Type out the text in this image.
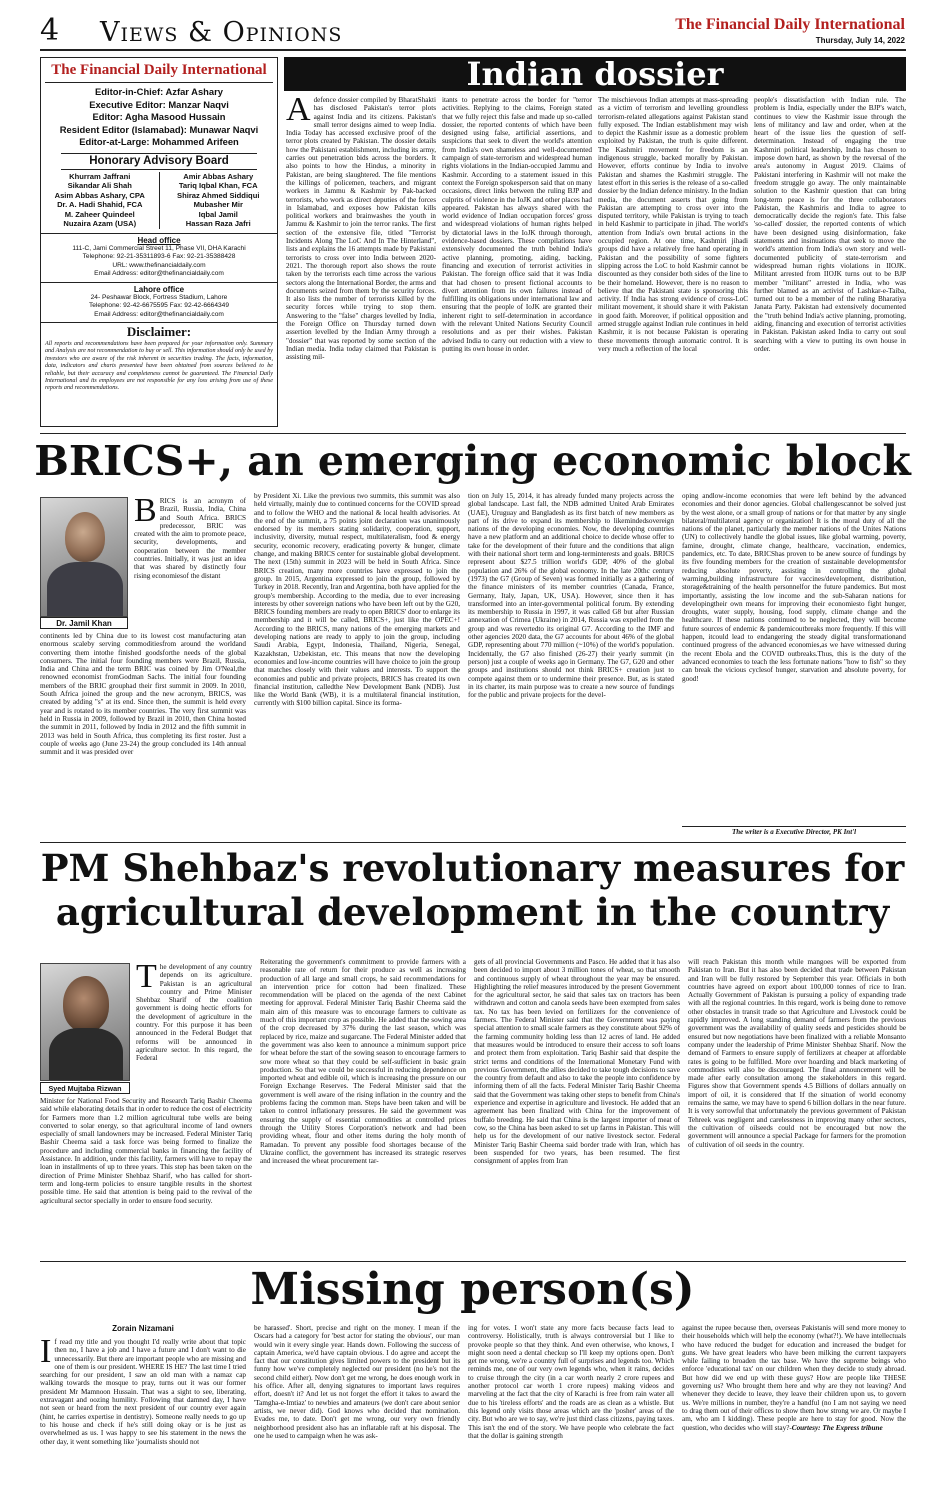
4 Views & Opinions	The Financial Daily International
Thursday, July 14, 2022
The Financial Daily International
Editor-in-Chief: Azfar Ashary
Executive Editor: Manzar Naqvi
Editor: Agha Masood Hussain
Resident Editor (Islamabad): Munawar Naqvi
Editor-at-Large: Mohammed Arifeen
Honorary Advisory Board
Khurram Jaffrani
Sikandar Ali Shah
Asim Abbas Ashary, CPA
Dr. A. Hadi Shahid, FCA
M. Zaheer Quindeel
Nuzaira Azam (USA)
Amir Abbas Ashary
Tariq Iqbal Khan, FCA
Shiraz Ahmed Siddiqui
Mubasher Mir
Iqbal Jamil
Hassan Raza Jafri
Head office
111-C, Jami Commercial Street 11, Phase VII, DHA Karachi
Telephone: 92-21-35311893-6 Fax: 92-21-35388428
URL: www.thefinancialdaily.com
Email Address: editor@thefinancialdaily.com
Lahore office
24- Peshawar Block, Fortress Stadium, Lahore
Telephone: 92-42-6675595 Fax: 92-42-6664349
Email Address: editor@thefinancialdaily.com
Disclaimer:
All reports and recommendations have been prepared for your information only. Summary and Analysis are not recommendation to buy or sell. This information should only be used by investors who are aware of the risk inherent in securities trading. The facts, information, data, indicators and charts presented have been obtained from sources believed to be reliable, but their accuracy and completeness cannot be guaranteed. The Financial Daily International and its employees are not responsible for any loss arising from use of these reports and recommendations.
Indian dossier
A defence dossier compiled by BharatShakti has disclosed Pakistan's terror plots against India and its citizens. Pakistan's small terror designs aimed to weep India. India Today has accessed exclusive proof of the terror plots created by Pakistan. The dossier details how the Pakistani establishment, including its army, carries out penetration bids across the borders. It also points to how the Hindus, a minority in Pakistan, are being slaughtered. The file mentions the killings of policemen, teachers, and migrant workers in Jammu & Kashmir by Pak-backed terrorists, who work as direct deputies of the forces in Islamabad, and exposes how Pakistan kills political workers and brainwashes the youth in Jammu & Kashmir to join the terror ranks. The first section of the extensive file, titled "Terrorist Incidents Along The LoC And In The Hinterland", lists and explains the 16 attempts made by Pakistani terrorists to cross over into India between 2020-2021. The thorough report also shows the route taken by the terrorists each time across the various sectors along the International Border, the arms and documents seized from them by the security forces. It also lists the number of terrorists killed by the security forces while trying to stop them. Answering to the "false" charges levelled by India, the Foreign Office on Thursday turned down assertion levelled by the Indian Army through a "dossier" that was reported by some section of the Indian media. India today claimed that Pakistan is assisting mil-
itants to penetrate across the border for "terror activities. Replying to the claims, Foreign stated that we fully reject this false and made up so-called dossier, the reported contents of which have been designed using false, artificial assertions, and suspicions that seek to divert the world's attention from India's own shameless and well-documented campaign of state-terrorism and widespread human rights violations in the Indian-occupied Jammu and Kashmir. According to a statement issued in this context the Foreign spokesperson said that on many occasions, direct links between the ruling BJP and culprits of violence in the IoJK and other places had appeared. Pakistan has always shared with the world evidence of Indian occupation forces' gross and widespread violations of human rights helped by dictatorial laws in the IoJK through thorough, evidence-based dossiers. These compilations have extensively documented the truth behind India's active planning, promoting, aiding, backing, financing and execution of terrorist activities in Pakistan. The foreign office said that it was India that had chosen to present fictional accounts to divert attention from its own failures instead of fulfilling its obligations under international law and ensuring that the people of IoJK are granted their inherent right to self-determination in accordance with the relevant United Nations Security Council resolutions and as per their wishes. Pakistan advised India to carry out reduction with a view to putting its own house in order.
The mischievous Indian attempts at mass-spreading as a victim of terrorism and levelling groundless terrorism-related allegations against Pakistan stand fully exposed. The Indian establishment may wish to depict the Kashmir issue as a domestic problem exploited by Pakistan, the truth is quite different. The Kashmiri movement for freedom is an indigenous struggle, backed morally by Pakistan. However, efforts continue by India to involve Pakistan and shames the Kashmiri struggle. The latest effort in this series is the release of a so-called dossier by the Indian defence ministry. In the Indian media, the document asserts that going from Pakistan are attempting to cross over into the disputed territory, while Pakistan is trying to teach in held Kashmir to participate in jihad. The world's attention from India's own brutal actions in the occupied region. At one time, Kashmiri jihadi groups did have a relatively free hand operating in Pakistan and the possibility of some fighters slipping across the LoC to hold Kashmir cannot be discounted as they consider both sides of the line to be their homeland. However, there is no reason to believe that the Pakistani state is sponsoring this activity. If India has strong evidence of cross-LoC militant movement, it should share it with Pakistan in good faith. Moreover, if political opposition and armed struggle against Indian rule continues in held Kashmir, it is not because Pakistan is operating these movements through automatic control. It is very much a reflection of the local
people's dissatisfaction with Indian rule. The problem is India, especially under the BJP's watch, continues to view the Kashmir issue through the lens of militancy and law and order, when at the heart of the issue lies the question of self-determination. Instead of engaging the true Kashmiri political leadership, India has chosen to impose down hard, as shown by the reversal of the area's autonomy in August 2019. Claims of Pakistani interfering in Kashmir will not make the freedom struggle go away. The only maintainable solution to the Kashmir question that can bring long-term peace is for the three collaborators Pakistan, the Kashmiris and India to agree to democratically decide the region's fate. This false 'so-called' dossier, the reported contents of which have been designed using disinformation, fake statements and insinuations that seek to move the world's attention from India's own story and well-documented publicity of state-terrorism and widespread human rights violations in IIOJK. Militant arrested from IIOJK turns out to be BJP member "militant" arrested in India, who was further blamed as an activist of Lashkar-e-Taiba, turned out to be a member of the ruling Bharatiya Janata Party. Pakistan had extensively documented the "truth behind India's active planning, promoting, aiding, financing and execution of terrorist activities in Pakistan. Pakistan asked India to carry out soul searching with a view to putting its own house in order.
BRICS+, an emerging economic block
Dr. Jamil Khan
B RICS is an acronym of Brazil, Russia, India, China and South Africa. BRICS predecessor, BRIC was created with the aim to promote peace, security, developments, and cooperation between the member countries. Initially, it was just an idea that was shared by distinctly four rising economiesof the distant
continents led by China due to its lowest cost manufacturing atan enormous scaleby serving commoditiesfrom around the worldand converting them intothe finished goodsforthe needs of the global consumers. The initial four founding members were Brazil, Russia, India and China and the term BRIC was coined by Jim O'Neal,the renowned economist fromGodman Sachs. The initial four founding members of the BRIC grouphad their first summit in 2009. In 2010, South Africa joined the group and the new acronym, BRICS, was created by adding "s" at its end. Since then, the summit is held every year and is rotated to its member countries. The very first summit was held in Russia in 2009, followed by Brazil in 2010, then China hosted the summit in 2011, followed by India in 2012 and the fifth summit in 2013 was held in South Africa, thus completing its first roster. Just a couple of weeks ago (June 23-24) the group concluded its 14th annual summit and it was presided over
by President Xi. Like the previous two summits, this summit was also held virtually, mainly due to continued concerns for the COVID spread and to follow the WHO and the national & local health advisories. At the end of the summit, a 75 points joint declaration was unanimously endorsed by its members stating solidarity, cooperation, support, inclusivity, diversity, mutual respect, multilateralism, food & energy security, economic recovery, eradicating poverty & hunger, climate change, and making BRICS center for sustainable global development. The next (15th) summit in 2023 will be held in South Africa. Since BRICS creation, many more countries have expressed to join the group. In 2015, Argentina expressed to join the group, followed by Turkey in 2018. Recently, Iran and Argentina, both have applied for the group's membership. According to the media, due to ever increasing interests by other sovereign nations who have been left out by the G20, BRICS founding members are ready to open BRICS' door to enlarge its membership and it will be called, BRICS+, just like the OPEC+! According to the BRICS, many nations of the emerging markets and developing nations are ready to apply to join the group, including Saudi Arabia, Egypt, Indonesia, Thailand, Nigeria, Senegal, Kazakhstan, Uzbekistan, etc. This means that now the developing economies and low-income countries will have choice to join the group that matches closely with their values and interests. To support the economies and public and private projects, BRICS has created its own financial institution, calledthe New Development Bank (NDB). Just like the World Bank (WB), it is a multilateral financial institution, currently with $100 billion capital. Since its forma-
tion on July 15, 2014, it has already funded many projects across the global landscape. Last fall, the NDB admitted United Arab Emirates (UAE), Uruguay and Bangladesh as its first batch of new members as part of its drive to expand its membership to likemindedsovereign nations of the developing economies. Now, the developing countries have a new platform and an additional choice to decide whose offer to take for the development of their future and the conditions that align with their national short term and long-terminterests and goals. BRICS represent about $27.5 trillion world's GDP, 40% of the global population and 26% of the global economy. In the late 20thc century (1973) the G7 (Group of Seven) was formed initially as a gathering of the finance ministers of its member countries (Canada, France, Germany, Italy, Japan, UK, USA). However, since then it has transformed into an inter-governmental political forum. By extending its membership to Russia in 1997, it was called G8 but after Russian annexation of Crimea (Ukraine) in 2014, Russia was expelled from the group and was revertedto its original G7. According to the IMF and other agencies 2020 data, the G7 accounts for about 46% of the global GDP, representing about 770 million (~10%) of the world's population. Incidentally, the G7 also finished (26-27) their yearly summit (in person) just a couple of weeks ago in Germany. The G7, G20 and other groups and institutions should not think BRICS+ creation just to compete against them or to undermine their presence. But, as is stated in its charter, its main purpose was to create a new source of fundings for the public and private projects for the devel-
oping andlow-income economies that were left behind by the advanced economies and their donor agencies. Global challengescannot be solved just by the west alone, or a small group of nations or for that matter by any single bilateral/multilateral agency or organization! It is the moral duty of all the nations of the planet, particularly the member nations of the Unites Nations (UN) to collectively handle the global issues, like global warming, poverty, famine, drought, climate change, healthcare, vaccination, endemics, pandemics, etc. To date, BRICShas proven to be anew source of fundings by its five founding members for the creation of sustainable developmentsfor reducing absolute poverty, assisting in controlling the global warming,building infrastructure for vaccines/development, distribution, storage&training of the health personnelfor the future pandemics. But most importantly, assisting the low income and the sub-Saharan nations for developingtheir own means for improving their economiesto fight hunger, droughts, water supply, housing, food supply, climate change and the healthcare. If these nations continued to be neglected, they will become future sources of endemic & pandemicoutbreaks more frequently. If this will happen, itcould lead to endangering the steady digital transformationand continued progress of the advanced economies,as we have witnessed during the recent Ebola and the COVID outbreaks.Thus, this is the duty of the advanced economies to teach the less fortunate nations "how to fish" so they can break the vicious cyclesof hunger, starvation and absolute poverty, for good!
The writer is a Executive Director, PK Int'l
PM Shehbaz's revolutionary measures for
agricultural development in the country
Syed Mujtaba Rizwan
T he development of any country depends on its agriculture. Pakistan is an agricultural country and Prime Minister Shehbaz Sharif of the coalition government is doing hectic efforts for the development of agriculture in the country. For this purpose it has been announced in the Federal Budget that reforms will be announced in agriculture sector. In this regard, the Federal
Minister for National Food Security and Research Tariq Bashir Cheema said while elaborating details that in order to reduce the cost of electricity for Farmers more than 1.2 million agricultural tube wells are being converted to solar energy, so that agricultural income of land owners especially of small landowners may be increased. Federal Minister Tariq Bashir Cheema said a task force was being formed to finalize the procedure and including commercial banks in financing the facility of Assistance. In addition, under this facility, farmers will have to repay the loan in installments of up to three years. This step has been taken on the direction of Prime Minister Shehbaz Sharif, who has called for short-term and long-term policies to ensure tangible results in the shortest possible time. He said that attention is being paid to the revival of the agricultural sector specially in order to ensure food security.
Reiterating the government's commitment to provide farmers with a reasonable rate of return for their produce as well as increasing production of all large and small crops, he said recommendations for an intervention price for cotton had been finalized. These recommendation will be placed on the agenda of the next Cabinet meeting for approval. Federal Minister Tariq Bashir Cheema said the main aim of this measure was to encourage farmers to cultivate as much of this important crop as possible. He added that the sowing area of the crop decreased by 37% during the last season, which was replaced by rice, maize and sugarcane. The Federal Minister added that the government was also keen to announce a minimum support price for wheat before the start of the sowing season to encourage farmers to sow more wheat so that they could be self-sufficient in basic grain production. So that we could be successful in reducing dependence on imported wheat and edible oil, which is increasing the pressure on our Foreign Exchange Reserves. The Federal Minister said that the government is well aware of the rising inflation in the country and the problems facing the common man. Steps have been taken and will be taken to control inflationary pressures. He said the government was ensuring the supply of essential commodities at controlled prices through the Utility Stores Corporation's network and had been providing wheat, flour and other items during the holy month of Ramadan. To prevent any possible food shortages because of the Ukraine conflict, the government has increased its strategic reserves and increased the wheat procurement tar-
gets of all provincial Governments and Pasco. He added that it has also been decided to import about 3 million tones of wheat, so that smooth and continuous supply of wheat throughout the year may be ensured. Highlighting the relief measures introduced by the present Government for the agricultural sector, he said that sales tax on tractors has been withdrawn and cotton and canola seeds have been exempted from sales tax. No tax has been levied on fertilizers for the convenience of farmers. The Federal Minister said that the Government was paying special attention to small scale farmers as they constitute about 92% of the farming community holding less than 12 acres of land. He added that measures would be introduced to ensure their access to soft loans and protect them from exploitation. Tariq Bashir said that despite the strict terms and conditions of the International Monetary Fund with previous Government, the allies decided to take tough decisions to save the country from default and also to take the people into confidence by informing them of all the facts. Federal Minister Tariq Bashir Cheema said that the Government was taking other steps to benefit from China's experience and expertise in agriculture and livestock. He added that an agreement has been finalized with China for the improvement of buffalo breeding. He said that China is the largest importer of meat of cow, so the China has been asked to set up farms in Pakistan. This will help us for the development of our native livestock sector. Federal Minister Tariq Bashir Cheema said border trade with Iran, which has been suspended for two years, has been resumed. The first consignment of apples from Iran
will reach Pakistan this month while mangoes will be exported from Pakistan to Iran. But it has also been decided that trade between Pakistan and Iran will be fully restored by September this year. Officials in both countries have agreed on export about 100,000 tonnes of rice to Iran. Actually Government of Pakistan is pursuing a policy of expanding trade with all the regional countries. In this regard, work is being done to remove other obstacles in transit trade so that Agriculture and Livestock could be rapidly improved. A long standing demand of farmers from the previous government was the availability of quality seeds and pesticides should be ensured but now negotiations have been finalized with a reliable Monsanto company under the leadership of Prime Minister Shehbaz Sharif. Now the demand of Farmers to ensure supply of fertilizers at cheaper at affordable rates is going to be fulfilled. More over hoarding and black marketing of commodities will also be discouraged. The final announcement will be made after early consultation among the stakeholders in this regard. Figures show that Government spends 4.5 Billions of dollars annually on import of oil, it is considered that If the situation of world economy remains the same, we may have to spend 6 billion dollars in the near future. It is very sorrowful that unfortunately the previous government of Pakistan Tehreek was negligent and carelessness in improving many other sectors, the cultivation of oilseeds could not be encouraged but now the government will announce a special Package for farmers for the promotion of cultivation of oil seeds in the country.
Missing person(s)
Zorain Nizamani
I f read my title and you thought I'd really write about that topic then no, I have a job and I have a future and I don't want to die unnecessarily. But there are important people who are missing and one of them is our president. WHERE IS HE? The last time I tried searching for our president, I saw an old man with a namaz cap walking towards the mosque to pray, turns out it was our former president Mr Mamnoon Hussain. That was a sight to see, liberating, extravagant and oozing humility. Following that damned day, I have not seen or heard from the next president of our country ever again (hint, he carries expertise in dentistry). Someone really needs to go up to his house and check if he's still doing okay or is he just as overwhelmed as us. I was happy to see his statement in the news the other day, it went something like 'journalists should not
be harassed'. Short, precise and right on the money. I mean if the Oscars had a category for 'best actor for stating the obvious', our man would win it every single year. Hands down. Following the success of captain America, we'd have captain obvious. I do agree and accept the fact that our constitution gives limited powers to the president but its funny how we've completely neglected our president (no he's not the second child either). Now don't get me wrong, he does enough work in his office. After all, denying signatures to important laws requires effort, doesn't it? And let us not forget the effort it takes to award the 'Tamgha-e-Imtiaz' to newbies and amateurs (we don't care about senior artists, we never did). God knows who decided that nomination. Evades me, to date. Don't get me wrong, our very own friendly neighborhood president also has an inflatable raft at his disposal. The one he used to campaign when he was ask-
ing for votes. I won't state any more facts because facts lead to controversy. Holistically, truth is always controversial but I like to provoke people so that they think. And even otherwise, who knows, I might soon need a dental checkup so I'll keep my options open. Don't get me wrong, we're a country full of surprises and legends too. Which reminds me, one of our very own legends who, when it rains, decides to cruise through the city (in a car worth nearly 2 crore rupees and another protocol car worth 1 crore rupees) making videos and marveling at the fact that the city of Karachi is free from rain water all due to his 'tireless efforts' and the roads are as clean as a whistle. But this legend only visits those areas which are the 'posher' areas of the city. But who are we to say, we're just third class citizens, paying taxes. This isn't the end of the story. We have people who celebrate the fact that the dollar is gaining strength
against the rupee because then, overseas Pakistanis will send more money to their households which will help the economy (what?!). We have intellectuals who have reduced the budget for education and increased the budget for guns. We have great leaders who have been milking the current taxpayers while failing to broaden the tax base. We have the supreme beings who enforce 'educational tax' on our children when they decide to study abroad. But how did we end up with these guys? How are people like THESE governing us? Who brought them here and why are they not leaving? And whenever they decide to leave, they leave their children upon us, to govern us. We're millions in number, they're a handful (no I am not saying we need to drag them out of their offices to show them how strong we are. Or maybe I am, who am I kidding). These people are here to stay for good. Now the question, who decides who will stay?-Courtesy: The Express tribune
